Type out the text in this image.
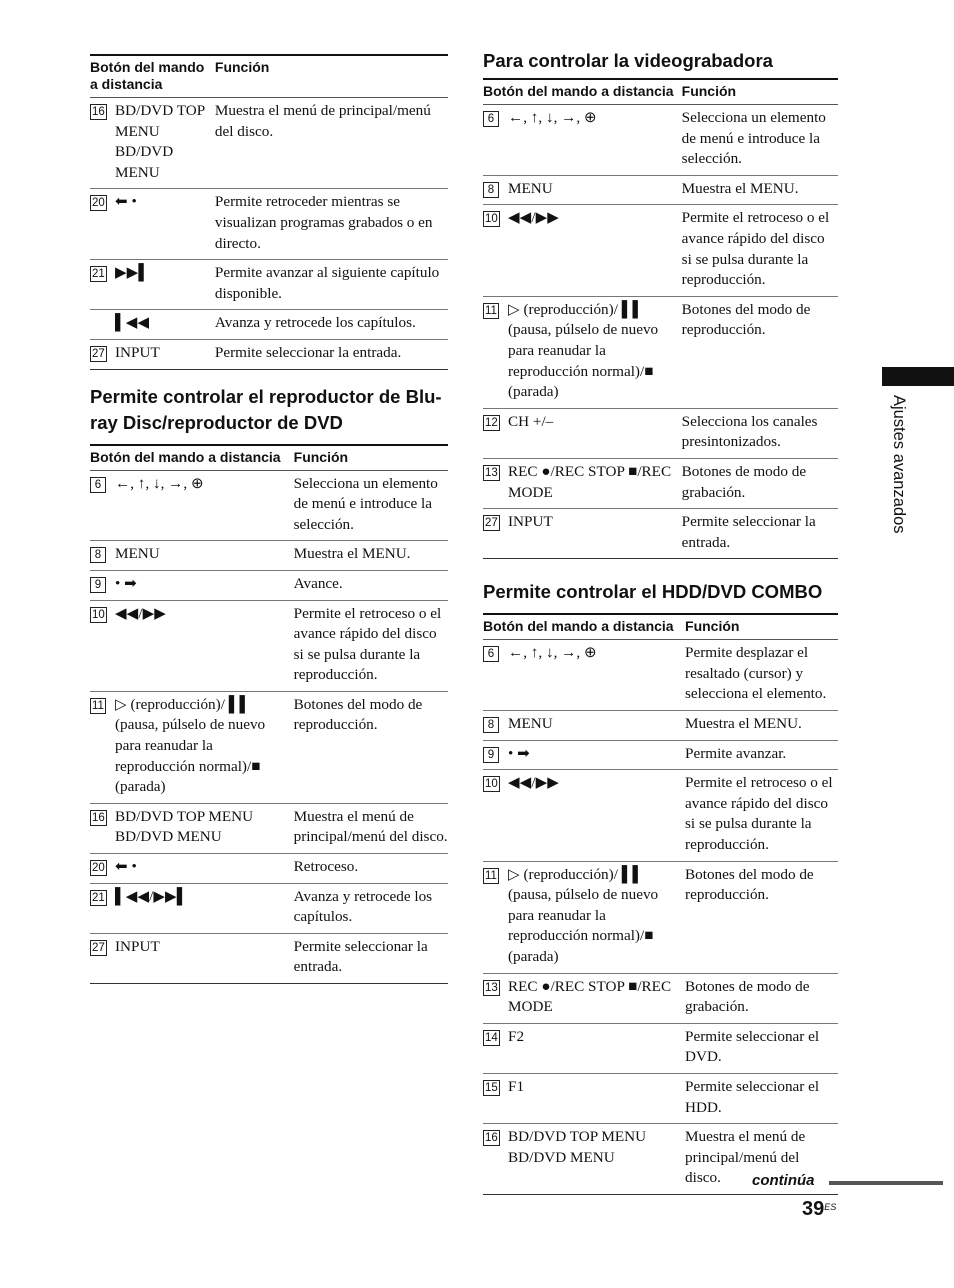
Botón del mando a distancia		Función
16	BD/DVD TOP MENU
BD/DVD MENU	Muestra el menú de principal/menú del disco.
20	⬅ •	Permite retroceder mientras se visualizan programas grabados o en directo.
21	▶▶▌	Permite avanzar al siguiente capítulo disponible.
	▌◀◀	Avanza y retrocede los capítulos.
27	INPUT	Permite seleccionar la entrada.
Permite controlar el reproductor de Blu-ray Disc/reproductor de DVD
Botón del mando a distancia		Función
6	←, ↑, ↓, →, ⊕	Selecciona un elemento de menú e introduce la selección.
8	MENU	Muestra el MENU.
9	• ➡	Avance.
10	◀◀/▶▶	Permite el retroceso o el avance rápido del disco si se pulsa durante la reproducción.
11	▷ (reproducción)/ ▌▌ (pausa, púlselo de nuevo para reanudar la reproducción normal)/■ (parada)	Botones del modo de reproducción.
16	BD/DVD TOP MENU
BD/DVD MENU	Muestra el menú de principal/menú del disco.
20	⬅ •	Retroceso.
21	▌◀◀/▶▶▌	Avanza y retrocede los capítulos.
27	INPUT	Permite seleccionar la entrada.
Para controlar la videograbadora
Botón del mando a distancia		Función
6	←, ↑, ↓, →, ⊕	Selecciona un elemento de menú e introduce la selección.
8	MENU	Muestra el MENU.
10	◀◀/▶▶	Permite el retroceso o el avance rápido del disco si se pulsa durante la reproducción.
11	▷ (reproducción)/ ▌▌ (pausa, púlselo de nuevo para reanudar la reproducción normal)/■ (parada)	Botones del modo de reproducción.
12	CH +/–	Selecciona los canales presintonizados.
13	REC ●/REC STOP ■/REC MODE	Botones de modo de grabación.
27	INPUT	Permite seleccionar la entrada.
Permite controlar el HDD/DVD COMBO
Botón del mando a distancia		Función
6	←, ↑, ↓, →, ⊕	Permite desplazar el resaltado (cursor) y selecciona el elemento.
8	MENU	Muestra el MENU.
9	• ➡	Permite avanzar.
10	◀◀/▶▶	Permite el retroceso o el avance rápido del disco si se pulsa durante la reproducción.
11	▷ (reproducción)/ ▌▌ (pausa, púlselo de nuevo para reanudar la reproducción normal)/■ (parada)	Botones del modo de reproducción.
13	REC ●/REC STOP ■/REC MODE	Botones de modo de grabación.
14	F2	Permite seleccionar el DVD.
15	F1	Permite seleccionar el HDD.
16	BD/DVD TOP MENU
BD/DVD MENU	Muestra el menú de principal/menú del disco.
Ajustes avanzados
continúa
$39^{ES}$
